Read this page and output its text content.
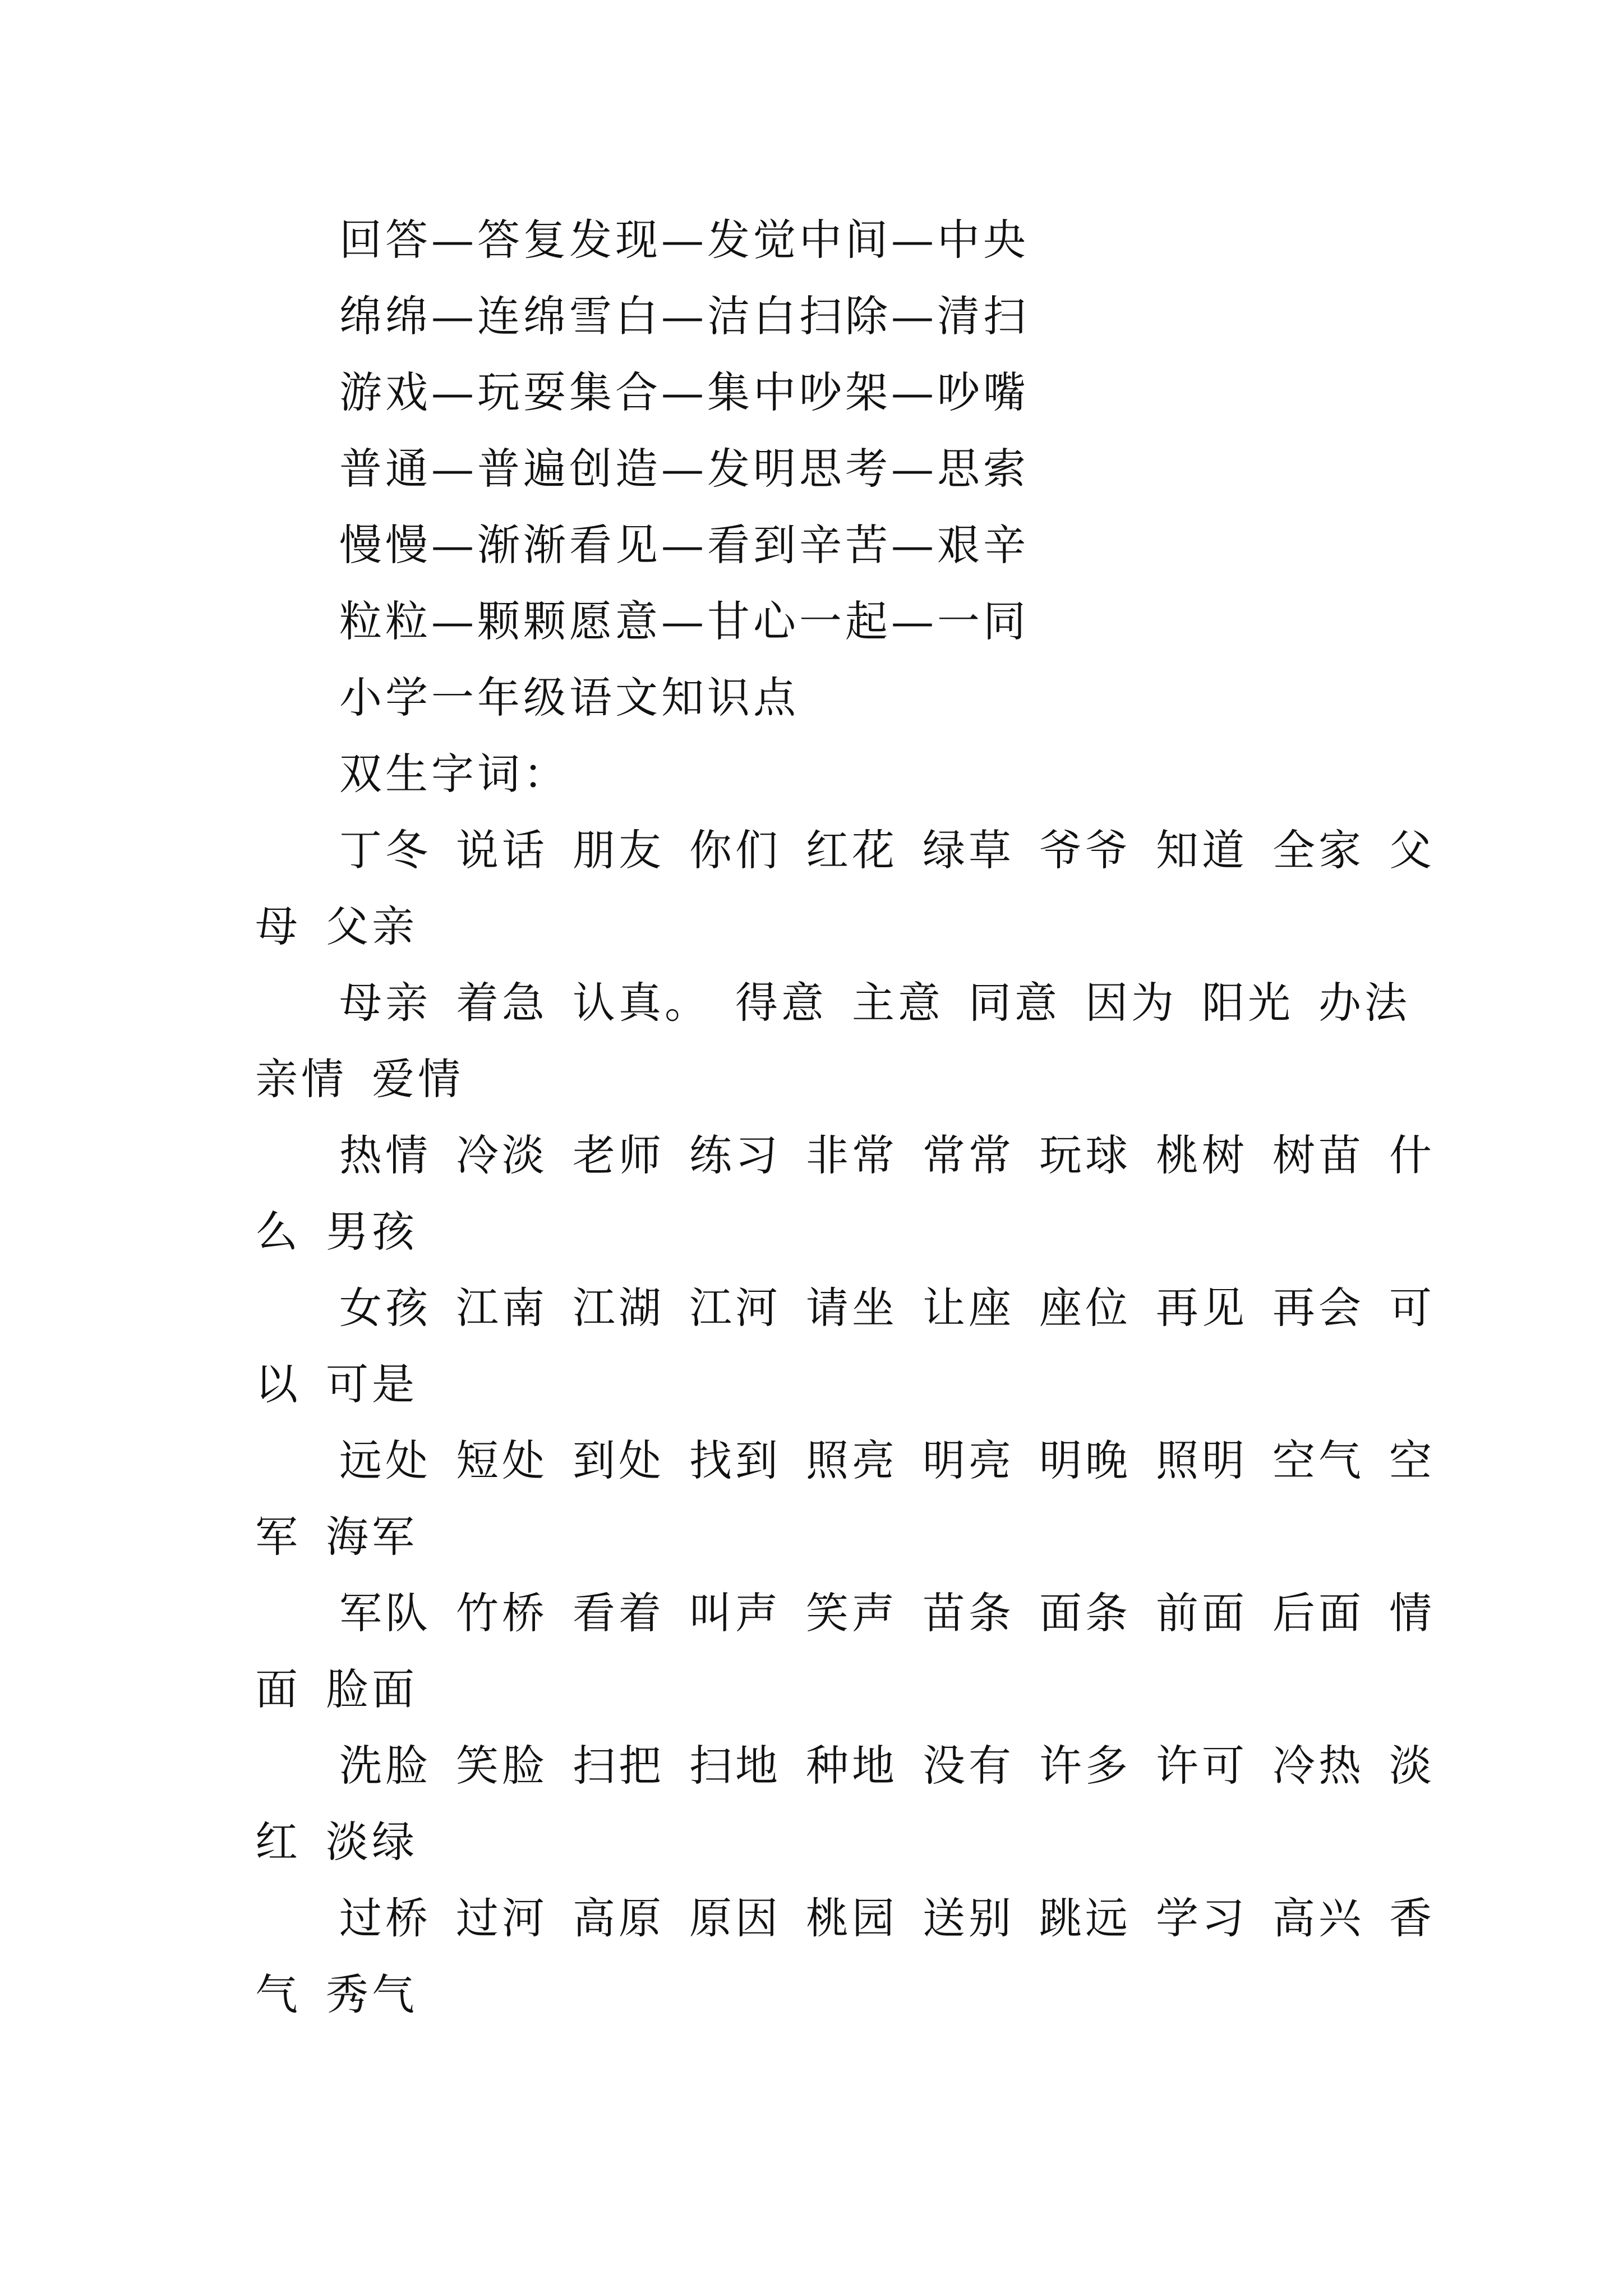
回答—答复发现—发觉中间—中央
绵绵—连绵雪白—洁白扫除—清扫
游戏—玩耍集合—集中吵架—吵嘴
普通—普遍创造—发明思考—思索
慢慢—渐渐看见—看到辛苦—艰辛
粒粒—颗颗愿意—甘心一起—一同
小学一年级语文知识点
双生字词：
丁冬 说话 朋友 你们 红花 绿草 爷爷 知道 全家 父
母 父亲
母亲 着急 认真。 得意 主意 同意 因为 阳光 办法
亲情 爱情
热情 冷淡 老师 练习 非常 常常 玩球 桃树 树苗 什
么 男孩
女孩 江南 江湖 江河 请坐 让座 座位 再见 再会 可
以 可是
远处 短处 到处 找到 照亮 明亮 明晚 照明 空气 空
军 海军
军队 竹桥 看着 叫声 笑声 苗条 面条 前面 后面 情
面 脸面
洗脸 笑脸 扫把 扫地 种地 没有 许多 许可 冷热 淡
红 淡绿
过桥 过河 高原 原因 桃园 送别 跳远 学习 高兴 香
气 秀气
